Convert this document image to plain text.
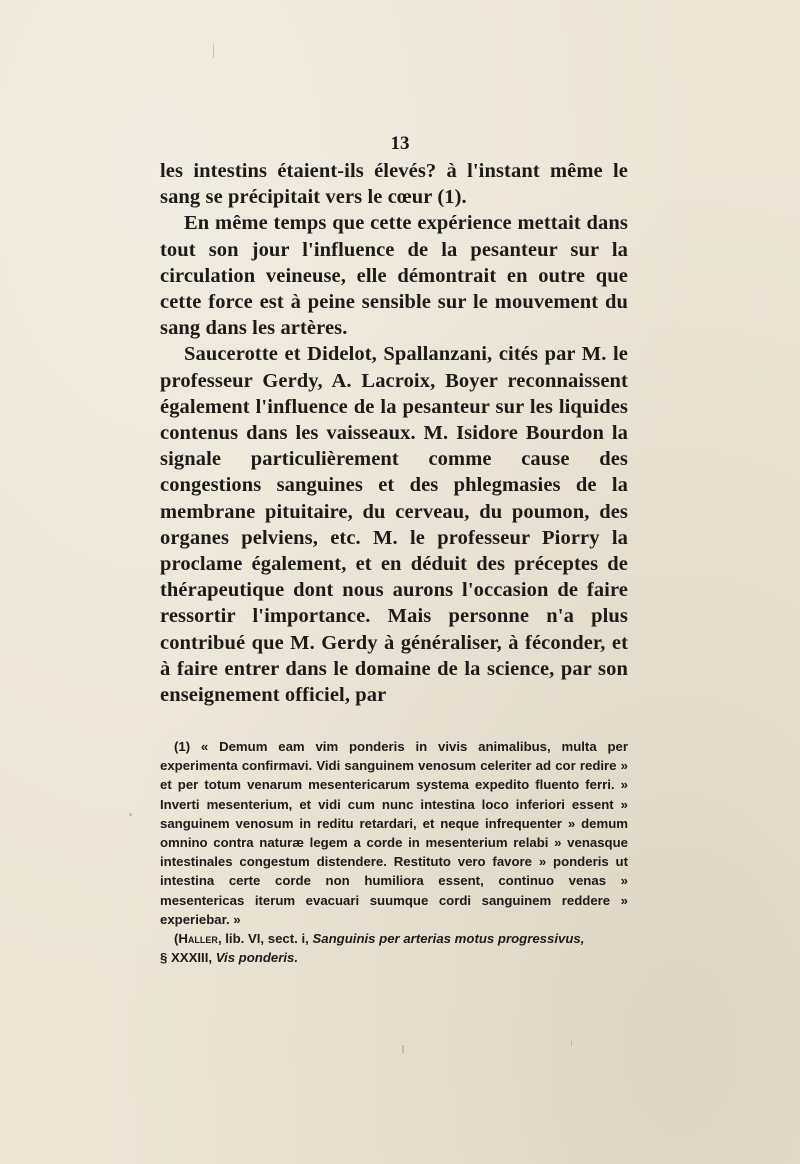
13

les intestins étaient-ils élevés? à l'instant même le sang se précipitait vers le cœur (1).

En même temps que cette expérience mettait dans tout son jour l'influence de la pesanteur sur la circulation veineuse, elle démontrait en outre que cette force est à peine sensible sur le mouvement du sang dans les artères.

Saucerotte et Didelot, Spallanzani, cités par M. le professeur Gerdy, A. Lacroix, Boyer reconnaissent également l'influence de la pesanteur sur les liquides contenus dans les vaisseaux. M. Isidore Bourdon la signale particulièrement comme cause des congestions sanguines et des phlegmasies de la membrane pituitaire, du cerveau, du poumon, des organes pelviens, etc. M. le professeur Piorry la proclame également, et en déduit des préceptes de thérapeutique dont nous aurons l'occasion de faire ressortir l'importance. Mais personne n'a plus contribué que M. Gerdy à généraliser, à féconder, et à faire entrer dans le domaine de la science, par son enseignement officiel, par

(1) « Demum eam vim ponderis in vivis animalibus, multa per experimenta confirmavi. Vidi sanguinem venosum celeriter ad cor redire » et per totum venarum mesentericarum systema expedito fluento ferri. » Inverti mesenterium, et vidi cum nunc intestina loco inferiori essent » sanguinem venosum in reditu retardari, et neque infrequenter » demum omnino contra naturæ legem a corde in mesenterium relabi » venasque intestinales congestum distendere. Restituto vero favore » ponderis ut intestina certe corde non humiliora essent, continuo venas » mesentericas iterum evacuari suumque cordi sanguinem reddere » experiebar. »

(Haller, lib. VI, sect. i, Sanguinis per arterias motus progressivus,

§ XXXIII, Vis ponderis.
